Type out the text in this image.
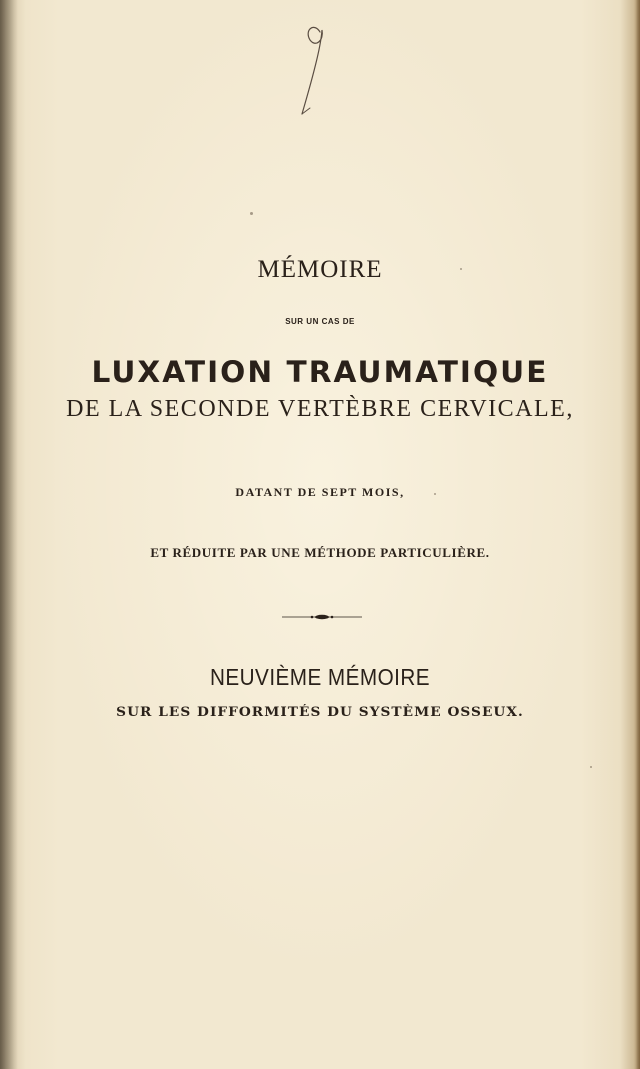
MÉMOIRE
SUR UN CAS DE
LUXATION TRAUMATIQUE
DE LA SECONDE VERTÈBRE CERVICALE,
DATANT DE SEPT MOIS,
ET RÉDUITE PAR UNE MÉTHODE PARTICULIÈRE.
NEUVIÈME MÉMOIRE
SUR LES DIFFORMITÉS DU SYSTÈME OSSEUX.
